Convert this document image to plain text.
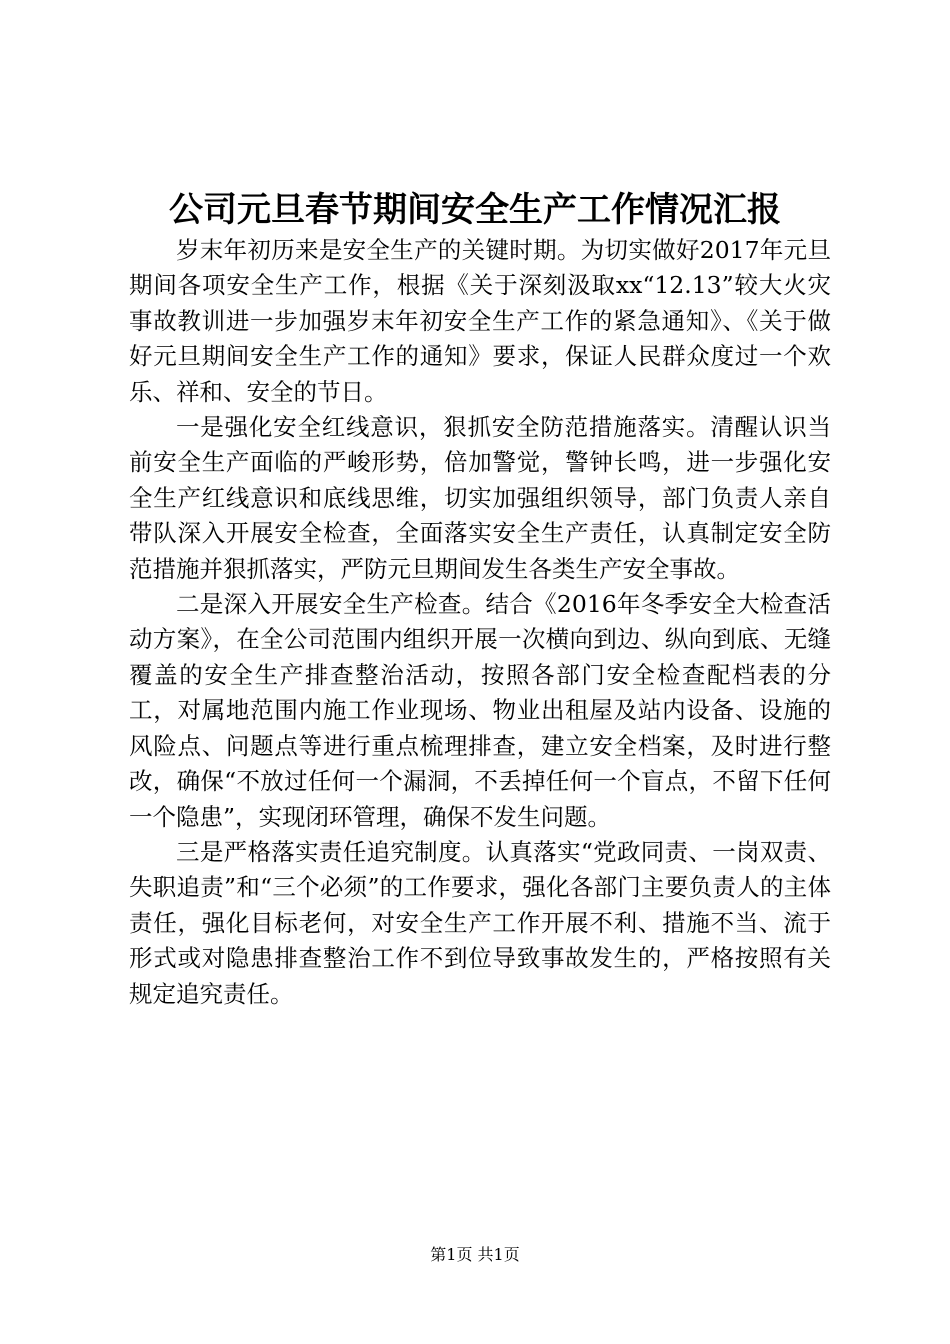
公司元旦春节期间安全生产工作情况汇报

岁末年初历来是安全生产的关键时期。为切实做好2017年元旦期间各项安全生产工作，根据《关于深刻汲取xx“12.13”较大火灾事故教训进一步加强岁末年初安全生产工作的紧急通知》、《关于做好元旦期间安全生产工作的通知》要求，保证人民群众度过一个欢乐、祥和、安全的节日。

一是强化安全红线意识，狠抓安全防范措施落实。清醒认识当前安全生产面临的严峻形势，倍加警觉，警钟长鸣，进一步强化安全生产红线意识和底线思维，切实加强组织领导，部门负责人亲自带队深入开展安全检查，全面落实安全生产责任，认真制定安全防范措施并狠抓落实，严防元旦期间发生各类生产安全事故。

二是深入开展安全生产检查。结合《2016年冬季安全大检查活动方案》，在全公司范围内组织开展一次横向到边、纵向到底、无缝覆盖的安全生产排查整治活动，按照各部门安全检查配档表的分工，对属地范围内施工作业现场、物业出租屋及站内设备、设施的风险点、问题点等进行重点梳理排查，建立安全档案，及时进行整改，确保“不放过任何一个漏洞，不丢掉任何一个盲点，不留下任何一个隐患”，实现闭环管理，确保不发生问题。

三是严格落实责任追究制度。认真落实“党政同责、一岗双责、失职追责”和“三个必须”的工作要求，强化各部门主要负责人的主体责任，强化目标老何，对安全生产工作开展不利、措施不当、流于形式或对隐患排查整治工作不到位导致事故发生的，严格按照有关规定追究责任。

第1页 共1页
